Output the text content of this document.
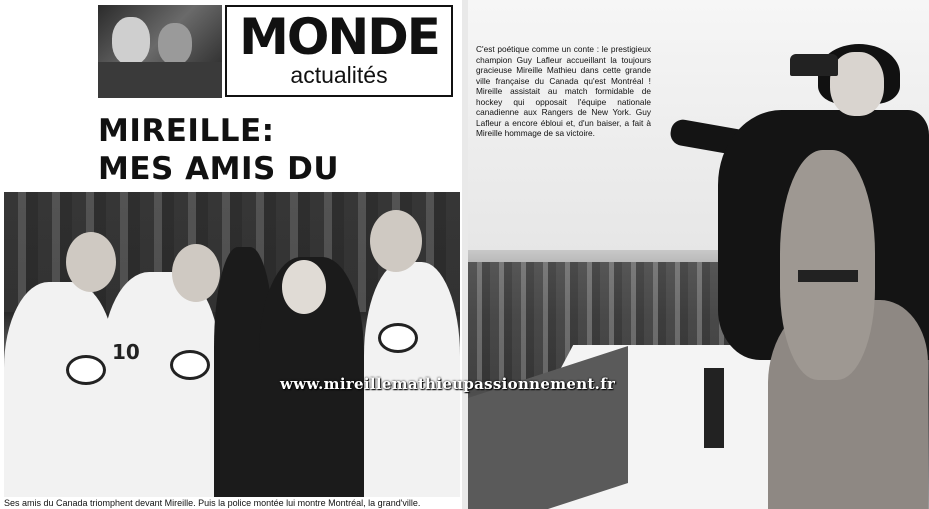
MONDE
actualités
MIREILLE:
MES AMIS DU
10
Ses amis du Canada triomphent devant Mireille. Puis la police montée lui montre Montréal, la grand'ville.
C'est poétique comme un conte : le prestigieux champion Guy Lafleur accueillant la toujours gracieuse Mireille Mathieu dans cette grande ville française du Canada qu'est Montréal ! Mireille assistait au match formidable de hockey qui opposait l'équipe nationale canadienne aux Rangers de New York. Guy Lafleur a encore ébloui et, d'un baiser, a fait à Mireille hommage de sa victoire.
www.mireillemathieupassionnement.fr
